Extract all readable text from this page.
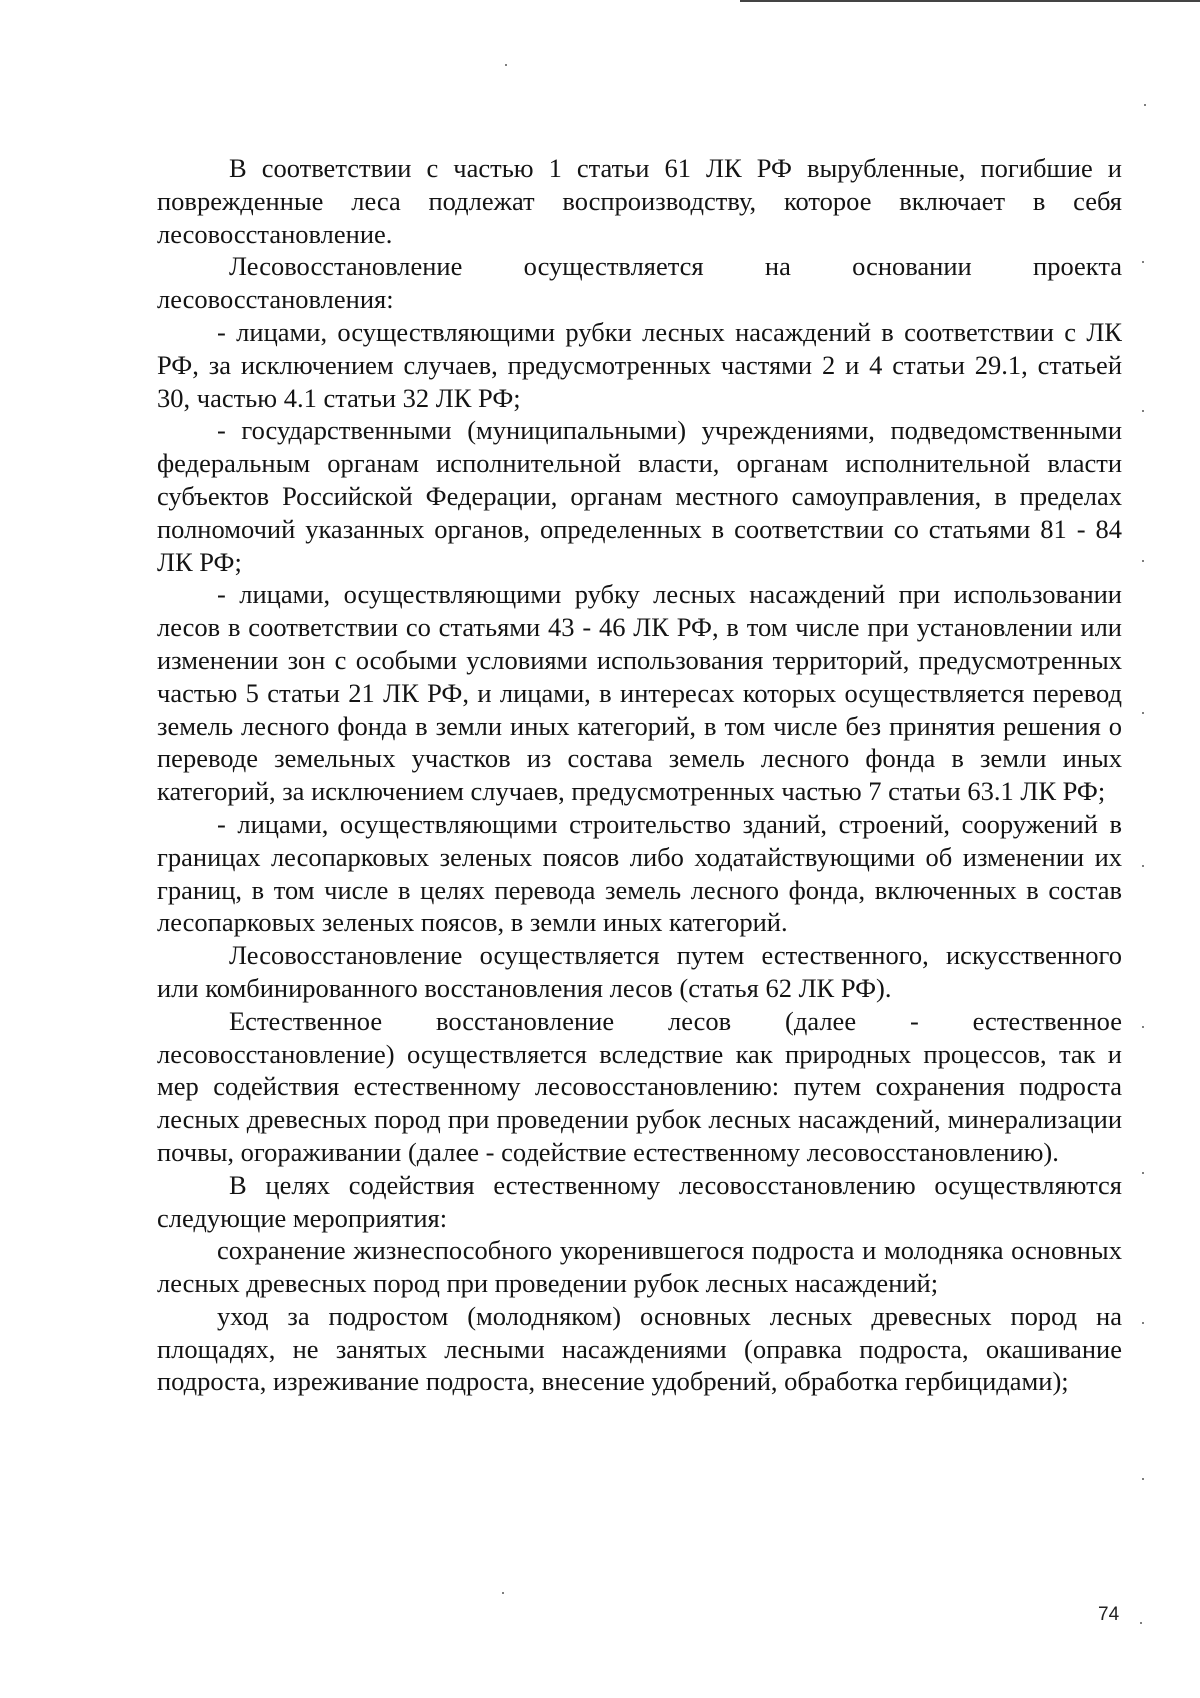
В соответствии с частью 1 статьи 61 ЛК РФ вырубленные, погибшие и поврежденные леса подлежат воспроизводству, которое включает в себя лесовосстановление.

Лесовосстановление осуществляется на основании проекта лесовосстановления:

- лицами, осуществляющими рубки лесных насаждений в соответствии с ЛК РФ, за исключением случаев, предусмотренных частями 2 и 4 статьи 29.1, статьей 30, частью 4.1 статьи 32 ЛК РФ;

- государственными (муниципальными) учреждениями, подведомственными федеральным органам исполнительной власти, органам исполнительной власти субъектов Российской Федерации, органам местного самоуправления, в пределах полномочий указанных органов, определенных в соответствии со статьями 81 - 84 ЛК РФ;

- лицами, осуществляющими рубку лесных насаждений при использовании лесов в соответствии со статьями 43 - 46 ЛК РФ, в том числе при установлении или изменении зон с особыми условиями использования территорий, предусмотренных частью 5 статьи 21 ЛК РФ, и лицами, в интересах которых осуществляется перевод земель лесного фонда в земли иных категорий, в том числе без принятия решения о переводе земельных участков из состава земель лесного фонда в земли иных категорий, за исключением случаев, предусмотренных частью 7 статьи 63.1 ЛК РФ;

- лицами, осуществляющими строительство зданий, строений, сооружений в границах лесопарковых зеленых поясов либо ходатайствующими об изменении их границ, в том числе в целях перевода земель лесного фонда, включенных в состав лесопарковых зеленых поясов, в земли иных категорий.

Лесовосстановление осуществляется путем естественного, искусственного или комбинированного восстановления лесов (статья 62 ЛК РФ).

Естественное восстановление лесов (далее - естественное лесовосстановление) осуществляется вследствие как природных процессов, так и мер содействия естественному лесовосстановлению: путем сохранения подроста лесных древесных пород при проведении рубок лесных насаждений, минерализации почвы, огораживании (далее - содействие естественному лесовосстановлению).

В целях содействия естественному лесовосстановлению осуществляются следующие мероприятия:

сохранение жизнеспособного укоренившегося подроста и молодняка основных лесных древесных пород при проведении рубок лесных насаждений;

уход за подростом (молодняком) основных лесных древесных пород на площадях, не занятых лесными насаждениями (оправка подроста, окашивание подроста, изреживание подроста, внесение удобрений, обработка гербицидами);

74
